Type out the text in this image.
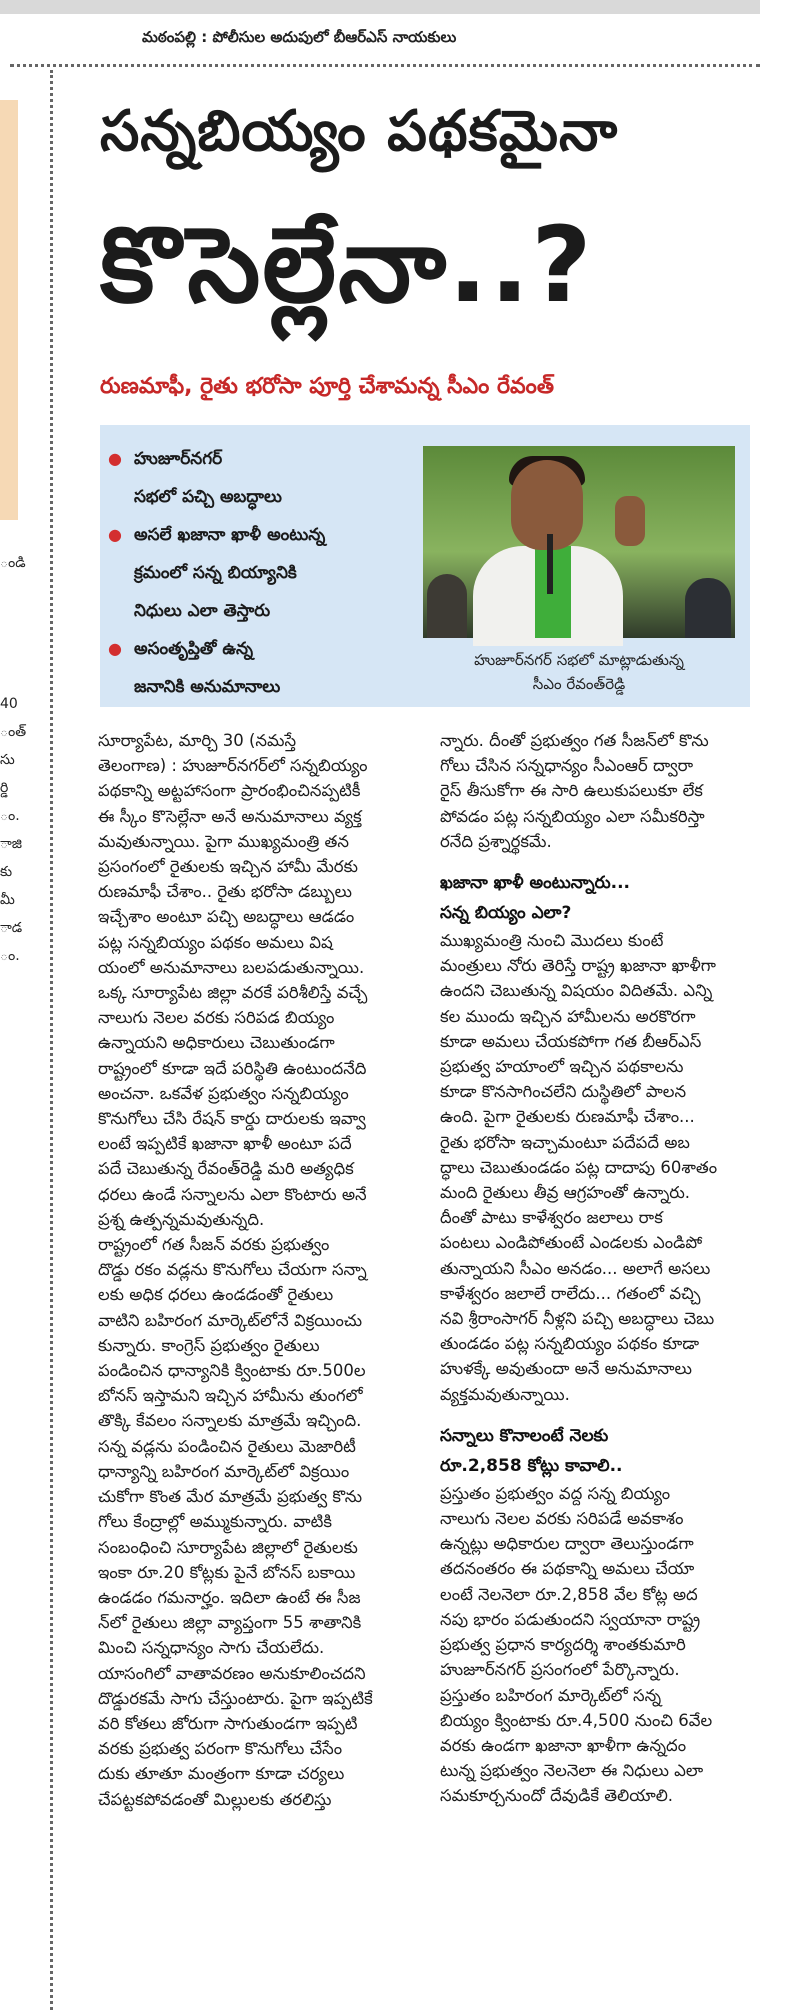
మఠంపల్లి : పోలీసుల అదుపులో బీఆర్ఎస్ నాయకులు
ండి
40
ంత్
సు
ర్డి
ం.
ాజి
కు
మీ
ాడ
ం.
సన్నబియ్యం పథకమైనా
కొసెల్లేనా..?
రుణమాఫీ, రైతు భరోసా పూర్తి చేశామన్న సీఎం రేవంత్
● హుజూర్‌నగర్
సభలో పచ్చి అబద్ధాలు
● అసలే ఖజానా ఖాళీ అంటున్న
క్రమంలో సన్న బియ్యానికి
నిధులు ఎలా తెస్తారు
● అసంతృప్తితో ఉన్న
జనానికి అనుమానాలు
హుజూర్‌నగర్ సభలో మాట్లాడుతున్న
సీఎం రేవంత్‌రెడ్డి

సూర్యాపేట, మార్చి 30 (నమస్తే

తెలంగాణ) : హుజూర్‌నగర్‌లో సన్నబియ్యం

పథకాన్ని అట్టహాసంగా ప్రారంభించినప్పటికీ

ఈ స్కీం కొసెల్లేనా అనే అనుమానాలు వ్యక్త

మవుతున్నాయి. పైగా ముఖ్యమంత్రి తన

ప్రసంగంలో రైతులకు ఇచ్చిన హామీ మేరకు

రుణమాఫీ చేశాం.. రైతు భరోసా డబ్బులు

ఇచ్చేశాం అంటూ పచ్చి అబద్ధాలు ఆడడం

పట్ల సన్నబియ్యం పథకం అమలు విష

యంలో అనుమానాలు బలపడుతున్నాయి.

ఒక్క సూర్యాపేట జిల్లా వరకే పరిశీలిస్తే వచ్చే

నాలుగు నెలల వరకు సరిపడ బియ్యం

ఉన్నాయని అధికారులు చెబుతుండగా

రాష్ట్రంలో కూడా ఇదే పరిస్థితి ఉంటుందనేది

అంచనా. ఒకవేళ ప్రభుత్వం సన్నబియ్యం

కొనుగోలు చేసి రేషన్ కార్డు దారులకు ఇవ్వా

లంటే ఇప్పటికే ఖజానా ఖాళీ అంటూ పదే

పదే చెబుతున్న రేవంత్‌రెడ్డి మరి అత్యధిక

ధరలు ఉండే సన్నాలను ఎలా కొంటారు అనే

ప్రశ్న ఉత్పన్నమవుతున్నది.

రాష్ట్రంలో గత సీజన్ వరకు ప్రభుత్వం

దొడ్డు రకం వడ్లను కొనుగోలు చేయగా సన్నా

లకు అధిక ధరలు ఉండడంతో రైతులు

వాటిని బహిరంగ మార్కెట్‌లోనే విక్రయించు

కున్నారు. కాంగ్రెస్ ప్రభుత్వం రైతులు

పండించిన ధాన్యానికి క్వింటాకు రూ.500ల

బోనస్ ఇస్తామని ఇచ్చిన హామీను తుంగలో

తొక్కి కేవలం సన్నాలకు మాత్రమే ఇచ్చింది.

సన్న వడ్లను పండించిన రైతులు మెజారిటీ

ధాన్యాన్ని బహిరంగ మార్కెట్‌లో విక్రయిం

చుకోగా కొంత మేర మాత్రమే ప్రభుత్వ కొను

గోలు కేంద్రాల్లో అమ్ముకున్నారు. వాటికి

సంబంధించి సూర్యాపేట జిల్లాలో రైతులకు

ఇంకా రూ.20 కోట్లకు పైనే బోనస్ బకాయి

ఉండడం గమనార్హం. ఇదిలా ఉంటే ఈ సీజ

న్‌లో రైతులు జిల్లా వ్యాప్తంగా 55 శాతానికి

మించి సన్నధాన్యం సాగు చేయలేదు.

యాసంగిలో వాతావరణం అనుకూలించదని

దొడ్డురకమే సాగు చేస్తుంటారు. పైగా ఇప్పటికే

వరి కోతలు జోరుగా సాగుతుండగా ఇప్పటి

వరకు ప్రభుత్వ పరంగా కొనుగోలు చేసేం

దుకు తూతూ మంత్రంగా కూడా చర్యలు

చేపట్టకపోవడంతో మిల్లులకు తరలిస్తు

న్నారు. దీంతో ప్రభుత్వం గత సీజన్‌లో కొను

గోలు చేసిన సన్నధాన్యం సీఎంఆర్ ద్వారా

రైస్ తీసుకోగా ఈ సారి ఉలుకుపలుకూ లేక

పోవడం పట్ల సన్నబియ్యం ఎలా సమీకరిస్తా

రనేది ప్రశ్నార్థకమే.

ఖజానా ఖాళీ అంటున్నారు...

సన్న బియ్యం ఎలా?

ముఖ్యమంత్రి నుంచి మొదలు కుంటే

మంత్రులు నోరు తెరిస్తే రాష్ట్ర ఖజానా ఖాళీగా

ఉందని చెబుతున్న విషయం విదితమే. ఎన్ని

కల ముందు ఇచ్చిన హామీలను అరకొరగా

కూడా అమలు చేయకపోగా గత బీఆర్ఎస్

ప్రభుత్వ హయాంలో ఇచ్చిన పథకాలను

కూడా కొనసాగించలేని దుస్థితిలో పాలన

ఉంది. పైగా రైతులకు రుణమాఫీ చేశాం...

రైతు భరోసా ఇచ్చామంటూ పదేపదే అబ

ద్ధాలు చెబుతుండడం పట్ల దాదాపు 60శాతం

మంది రైతులు తీవ్ర ఆగ్రహంతో ఉన్నారు.

దీంతో పాటు కాళేశ్వరం జలాలు రాక

పంటలు ఎండిపోతుంటే ఎండలకు ఎండిపో

తున్నాయని సీఎం అనడం... అలాగే అసలు

కాళేశ్వరం జలాలే రాలేదు... గతంలో వచ్చి

నవి శ్రీరాంసాగర్ నీళ్లని పచ్చి అబద్ధాలు చెబు

తుండడం పట్ల సన్నబియ్యం పథకం కూడా

హుళక్కే అవుతుందా అనే అనుమానాలు

వ్యక్తమవుతున్నాయి.

సన్నాలు కొనాలంటే నెలకు

రూ.2,858 కోట్లు కావాలి..

ప్రస్తుతం ప్రభుత్వం వద్ద సన్న బియ్యం

నాలుగు నెలల వరకు సరిపడే అవకాశం

ఉన్నట్లు అధికారుల ద్వారా తెలుస్తుండగా

తదనంతరం ఈ పథకాన్ని అమలు చేయా

లంటే నెలనెలా రూ.2,858 వేల కోట్ల అద

నపు భారం పడుతుందని స్వయానా రాష్ట్ర

ప్రభుత్వ ప్రధాన కార్యదర్శి శాంతకుమారి

హుజూర్‌నగర్ ప్రసంగంలో పేర్కొన్నారు.

ప్రస్తుతం బహిరంగ మార్కెట్‌లో సన్న

బియ్యం క్వింటాకు రూ.4,500 నుంచి 6వేల

వరకు ఉండగా ఖజానా ఖాళీగా ఉన్నదం

టున్న ప్రభుత్వం నెలనెలా ఈ నిధులు ఎలా

సమకూర్చనుందో దేవుడికే తెలియాలి.
